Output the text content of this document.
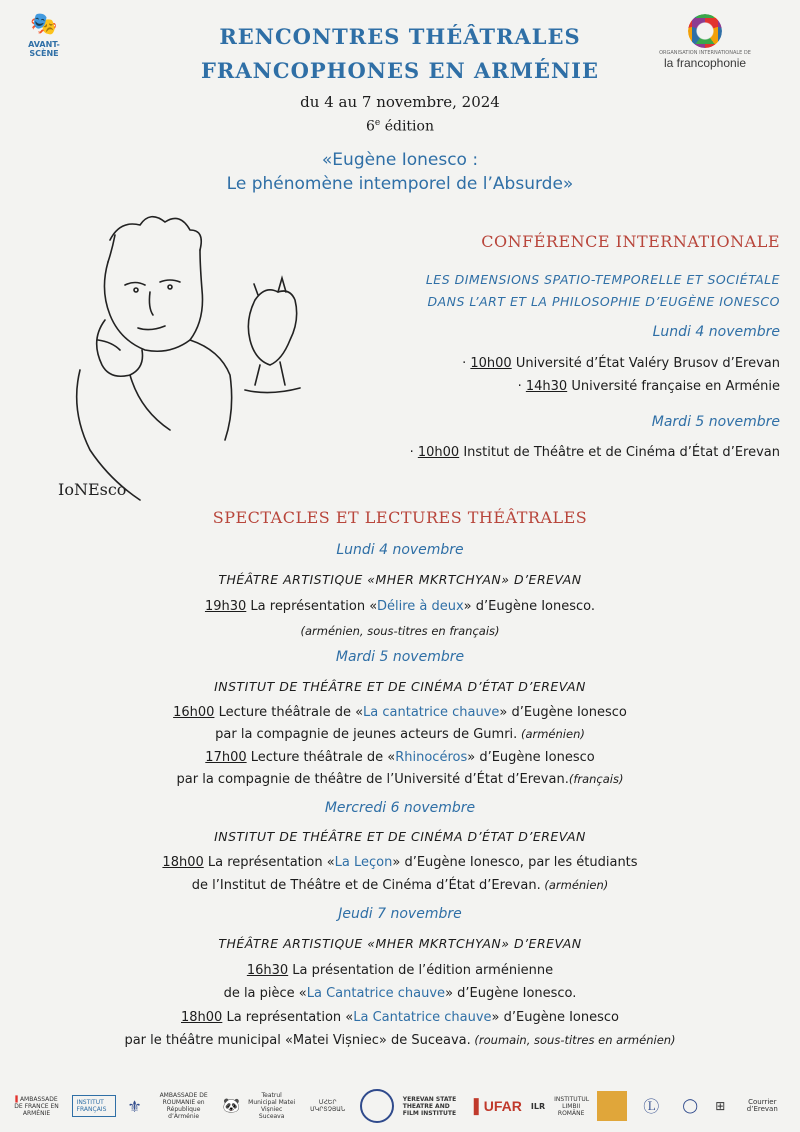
🎭
AVANT-SCÈNE	ORGANISATION INTERNATIONALE DE
la francophonie
RENCONTRES THÉÂTRALES
FRANCOPHONES EN ARMÉNIE
du 4 au 7 novembre, 2024
6e édition
«Eugène Ionesco :
Le phénomène intemporel de l’Absurde»
IoNEsco
CONFÉRENCE INTERNATIONALE
LES DIMENSIONS SPATIO-TEMPORELLE ET SOCIÉTALE
DANS L’ART ET LA PHILOSOPHIE D’EUGÈNE IONESCO
Lundi 4 novembre
· 10h00 Université d’État Valéry Brusov d’Erevan
· 14h30 Université française en Arménie
Mardi 5 novembre
· 10h00 Institut de Théâtre et de Cinéma d’État d’Erevan
SPECTACLES ET LECTURES THÉÂTRALES
Lundi 4 novembre
THÉÂTRE ARTISTIQUE «MHER MKRTCHYAN» D’EREVAN
19h30 La représentation «Délire à deux» d’Eugène Ionesco.
(arménien, sous-titres en français)
Mardi 5 novembre
INSTITUT DE THÉÂTRE ET DE CINÉMA D’ÉTAT D’EREVAN
16h00 Lecture théâtrale de «La cantatrice chauve» d’Eugène Ionesco
par la compagnie de jeunes acteurs de Gumri. (arménien)
17h00 Lecture théâtrale de «Rhinocéros» d’Eugène Ionesco
par la compagnie de théâtre de l’Université d’État d’Erevan.(français)
Mercredi 6 novembre
INSTITUT DE THÉÂTRE ET DE CINÉMA D’ÉTAT D’EREVAN
18h00 La représentation «La Leçon» d’Eugène Ionesco, par les étudiants
de l’Institut de Théâtre et de Cinéma d’État d’Erevan. (arménien)
Jeudi 7 novembre
THÉÂTRE ARTISTIQUE «MHER MKRTCHYAN» D’EREVAN
16h30 La présentation de l’édition arménienne
de la pièce «La Cantatrice chauve» d’Eugène Ionesco.
18h00 La représentation «La Cantatrice chauve» d’Eugène Ionesco
par le théâtre municipal «Matei Vișniec» de Suceava. (roumain, sous-titres en arménien)
▌AMBASSADE DE FRANCE EN ARMÉNIE
INSTITUT FRANÇAIS	⚜
AMBASSADE DE ROUMANIE en République d’Arménie
🐼
Teatrul Municipal Matei Vișniec Suceava
ՄՀԵՐ ՄԿՐՏՉՅԱՆ
YEREVAN STATE THEATRE AND FILM INSTITUTE	▌UFAR ILR
INSTITUTUL LIMBII ROMÂNE	Ⓛ	◯	⊞	Courrier d’Erevan
